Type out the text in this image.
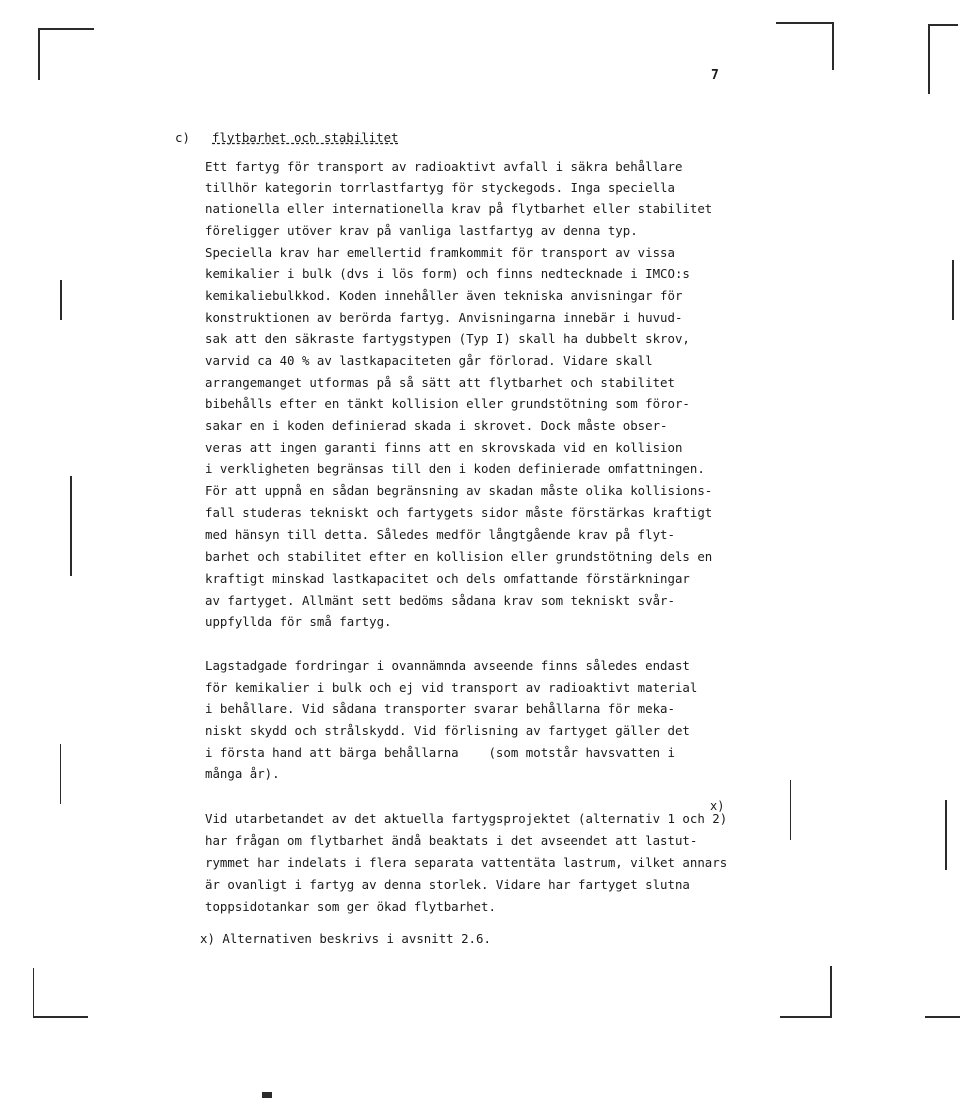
7
c) flytbarhet och stabilitet
Ett fartyg för transport av radioaktivt avfall i säkra behållare
tillhör kategorin torrlastfartyg för styckegods. Inga speciella
nationella eller internationella krav på flytbarhet eller stabilitet
föreligger utöver krav på vanliga lastfartyg av denna typ.
Speciella krav har emellertid framkommit för transport av vissa
kemikalier i bulk (dvs i lös form) och finns nedtecknade i IMCO:s
kemikaliebulkkod. Koden innehåller även tekniska anvisningar för
konstruktionen av berörda fartyg. Anvisningarna innebär i huvud-
sak att den säkraste fartygstypen (Typ I) skall ha dubbelt skrov,
varvid ca 40 % av lastkapaciteten går förlorad. Vidare skall
arrangemanget utformas på så sätt att flytbarhet och stabilitet
bibehålls efter en tänkt kollision eller grundstötning som föror-
sakar en i koden definierad skada i skrovet. Dock måste obser-
veras att ingen garanti finns att en skrovskada vid en kollision
i verkligheten begränsas till den i koden definierade omfattningen.
För att uppnå en sådan begränsning av skadan måste olika kollisions-
fall studeras tekniskt och fartygets sidor måste förstärkas kraftigt
med hänsyn till detta. Således medför långtgående krav på flyt-
barhet och stabilitet efter en kollision eller grundstötning dels en
kraftigt minskad lastkapacitet och dels omfattande förstärkningar
av fartyget. Allmänt sett bedöms sådana krav som tekniskt svår-
uppfyllda för små fartyg.
Lagstadgade fordringar i ovannämnda avseende finns således endast
för kemikalier i bulk och ej vid transport av radioaktivt material
i behållare. Vid sådana transporter svarar behållarna för meka-
niskt skydd och strålskydd. Vid förlisning av fartyget gäller det
i första hand att bärga behållarna    (som motstår havsvatten i
många år).
x)
Vid utarbetandet av det aktuella fartygsprojektet (alternativ 1 och 2)
har frågan om flytbarhet ändå beaktats i det avseendet att lastut-
rymmet har indelats i flera separata vattentäta lastrum, vilket annars
är ovanligt i fartyg av denna storlek. Vidare har fartyget slutna
toppsidotankar som ger ökad flytbarhet.
x) Alternativen beskrivs i avsnitt 2.6.
